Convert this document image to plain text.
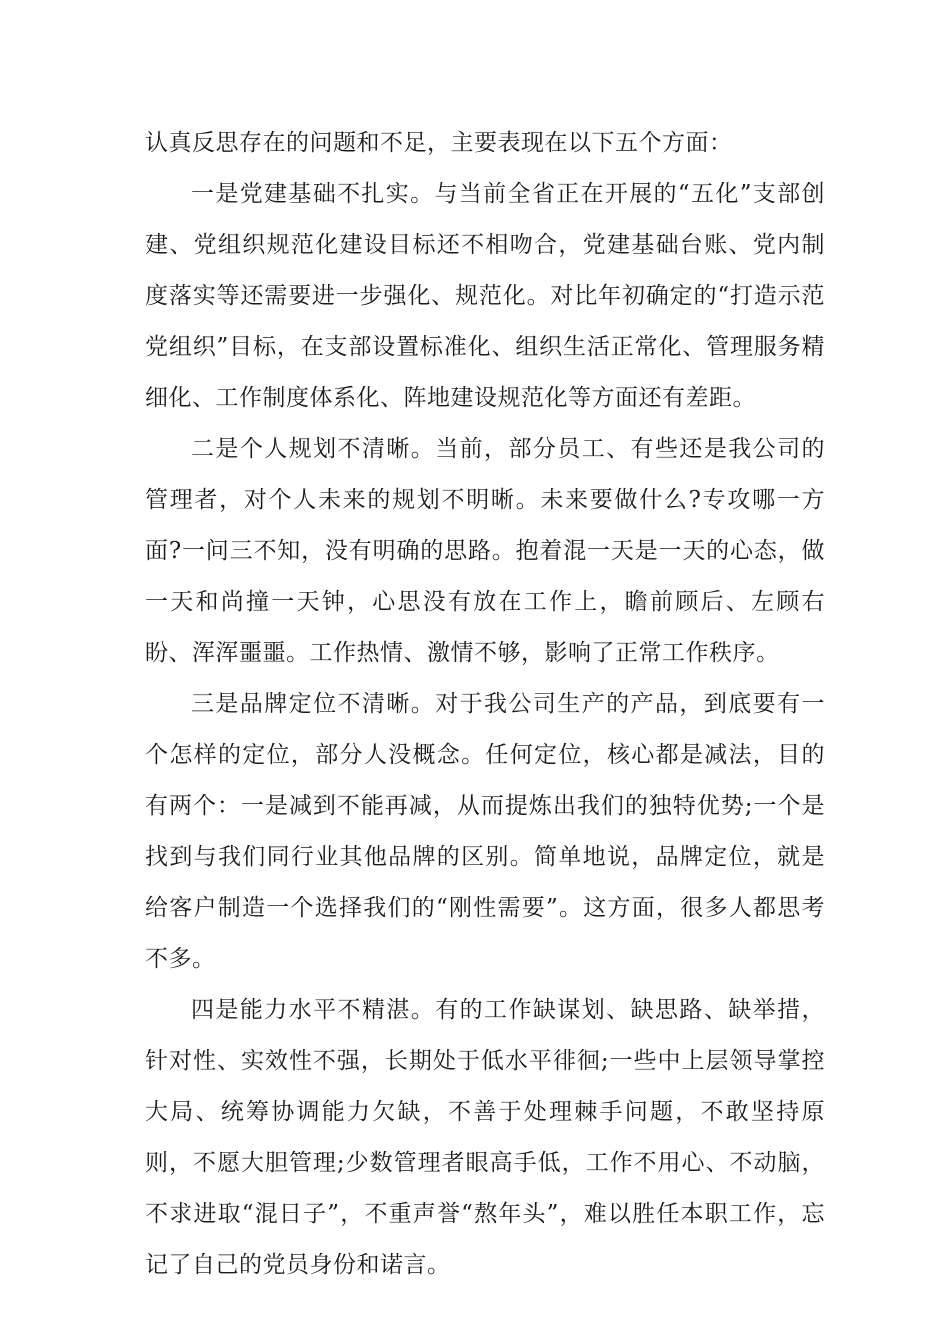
认真反思存在的问题和不足，主要表现在以下五个方面：

一是党建基础不扎实。与当前全省正在开展的“五化”支部创建、党组织规范化建设目标还不相吻合，党建基础台账、党内制度落实等还需要进一步强化、规范化。对比年初确定的“打造示范党组织”目标，在支部设置标准化、组织生活正常化、管理服务精细化、工作制度体系化、阵地建设规范化等方面还有差距。

二是个人规划不清晰。当前，部分员工、有些还是我公司的管理者，对个人未来的规划不明晰。未来要做什么?专攻哪一方面?一问三不知，没有明确的思路。抱着混一天是一天的心态，做一天和尚撞一天钟，心思没有放在工作上，瞻前顾后、左顾右盼、浑浑噩噩。工作热情、激情不够，影响了正常工作秩序。

三是品牌定位不清晰。对于我公司生产的产品，到底要有一个怎样的定位，部分人没概念。任何定位，核心都是减法，目的有两个：一是减到不能再减，从而提炼出我们的独特优势;一个是找到与我们同行业其他品牌的区别。简单地说，品牌定位，就是给客户制造一个选择我们的“刚性需要”。这方面，很多人都思考不多。

四是能力水平不精湛。有的工作缺谋划、缺思路、缺举措，针对性、实效性不强，长期处于低水平徘徊;一些中上层领导掌控大局、统筹协调能力欠缺，不善于处理棘手问题，不敢坚持原则，不愿大胆管理;少数管理者眼高手低，工作不用心、不动脑，不求进取“混日子”，不重声誉“熬年头”，难以胜任本职工作，忘记了自己的党员身份和诺言。
